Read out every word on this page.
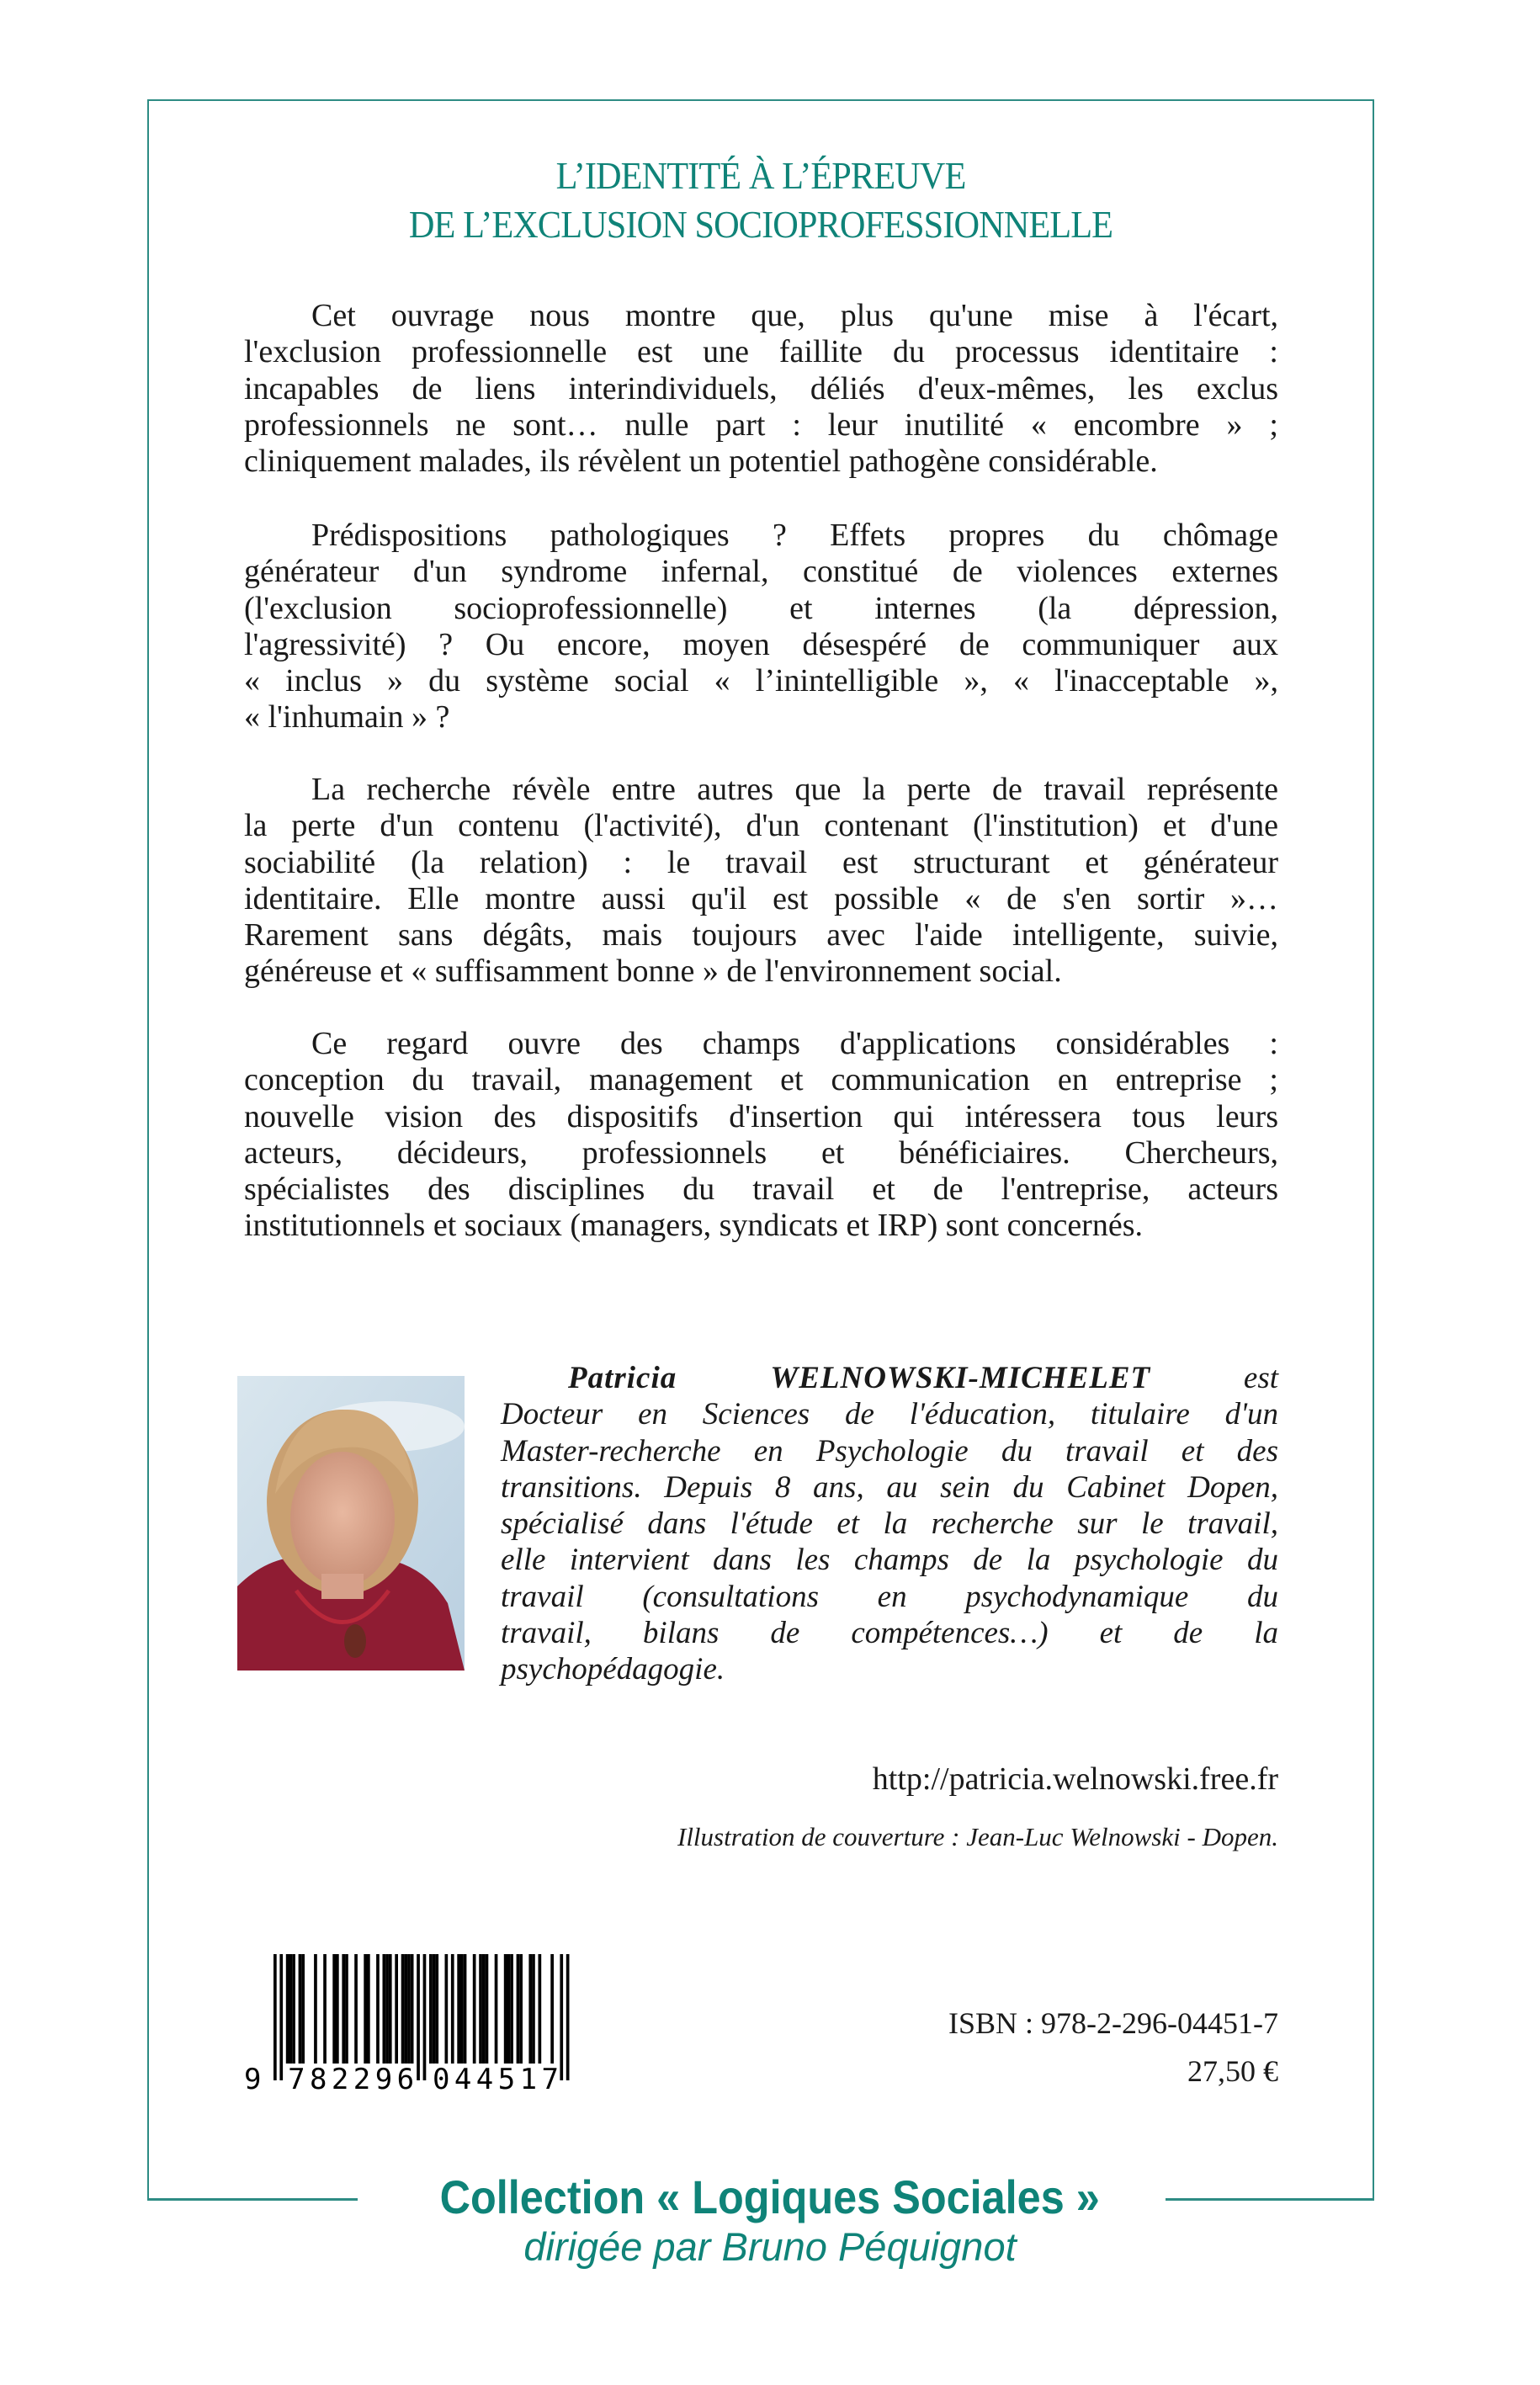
L’IDENTITÉ À L’ÉPREUVE
DE L’EXCLUSION SOCIOPROFESSIONNELLE
Cet ouvrage nous montre que, plus qu'une mise à l'écart,
l'exclusion professionnelle est une faillite du processus identitaire :
incapables de liens interindividuels, déliés d'eux-mêmes, les exclus
professionnels ne sont… nulle part : leur inutilité « encombre » ;
cliniquement malades, ils révèlent un potentiel pathogène considérable.
Prédispositions pathologiques ? Effets propres du chômage
générateur d'un syndrome infernal, constitué de violences externes
(l'exclusion socioprofessionnelle) et internes (la dépression,
l'agressivité) ? Ou encore, moyen désespéré de communiquer aux
« inclus » du système social « l’inintelligible », « l'inacceptable »,
« l'inhumain » ?
La recherche révèle entre autres que la perte de travail représente
la perte d'un contenu (l'activité), d'un contenant (l'institution) et d'une
sociabilité (la relation) : le travail est structurant et générateur
identitaire. Elle montre aussi qu'il est possible « de s'en sortir »…
Rarement sans dégâts, mais toujours avec l'aide intelligente, suivie,
généreuse et « suffisamment bonne » de l'environnement social.
Ce regard ouvre des champs d'applications considérables :
conception du travail, management et communication en entreprise ;
nouvelle vision des dispositifs d'insertion qui intéressera tous leurs
acteurs, décideurs, professionnels et bénéficiaires. Chercheurs,
spécialistes des disciplines du travail et de l'entreprise, acteurs
institutionnels et sociaux (managers, syndicats et IRP) sont concernés.
Patricia WELNOWSKI-MICHELET	est
Docteur en Sciences de l'éducation, titulaire d'un
Master-recherche en Psychologie du travail et des
transitions. Depuis 8 ans, au sein du Cabinet Dopen,
spécialisé dans l'étude et la recherche sur le travail,
elle intervient dans les champs de la psychologie du
travail (consultations en psychodynamique du
travail, bilans de compétences…) et de la
psychopédagogie.
http://patricia.welnowski.free.fr
Illustration de couverture : Jean-Luc Welnowski - Dopen.
9 782296 044517
ISBN : 978-2-296-04451-7
27,50 €
Collection « Logiques Sociales »
dirigée par Bruno Péquignot
